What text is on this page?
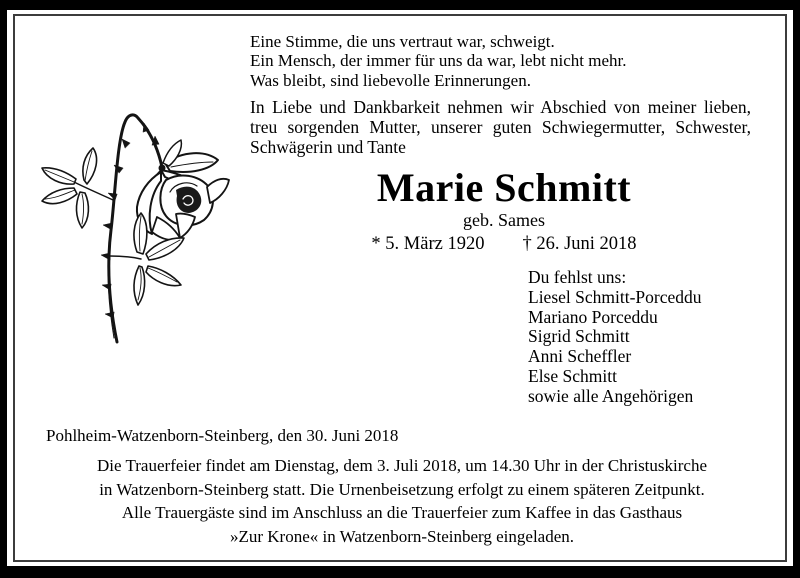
Eine Stimme, die uns vertraut war, schweigt.
Ein Mensch, der immer für uns da war, lebt nicht mehr.
Was bleibt, sind liebevolle Erinnerungen.
In Liebe und Dankbarkeit nehmen wir Abschied von meiner lieben,
treu sorgenden Mutter, unserer guten Schwiegermutter, Schwester,
Schwägerin und Tante
Marie Schmitt
geb. Sames
* 5. März 1920 † 26. Juni 2018
Du fehlst uns:
Liesel Schmitt-Porceddu
Mariano Porceddu
Sigrid Schmitt
Anni Scheffler
Else Schmitt
sowie alle Angehörigen
Pohlheim-Watzenborn-Steinberg, den 30. Juni 2018
Die Trauerfeier findet am Dienstag, dem 3. Juli 2018, um 14.30 Uhr in der Christuskirche
in Watzenborn-Steinberg statt. Die Urnenbeisetzung erfolgt zu einem späteren Zeitpunkt.
Alle Trauergäste sind im Anschluss an die Trauerfeier zum Kaffee in das Gasthaus
»Zur Krone« in Watzenborn-Steinberg eingeladen.
